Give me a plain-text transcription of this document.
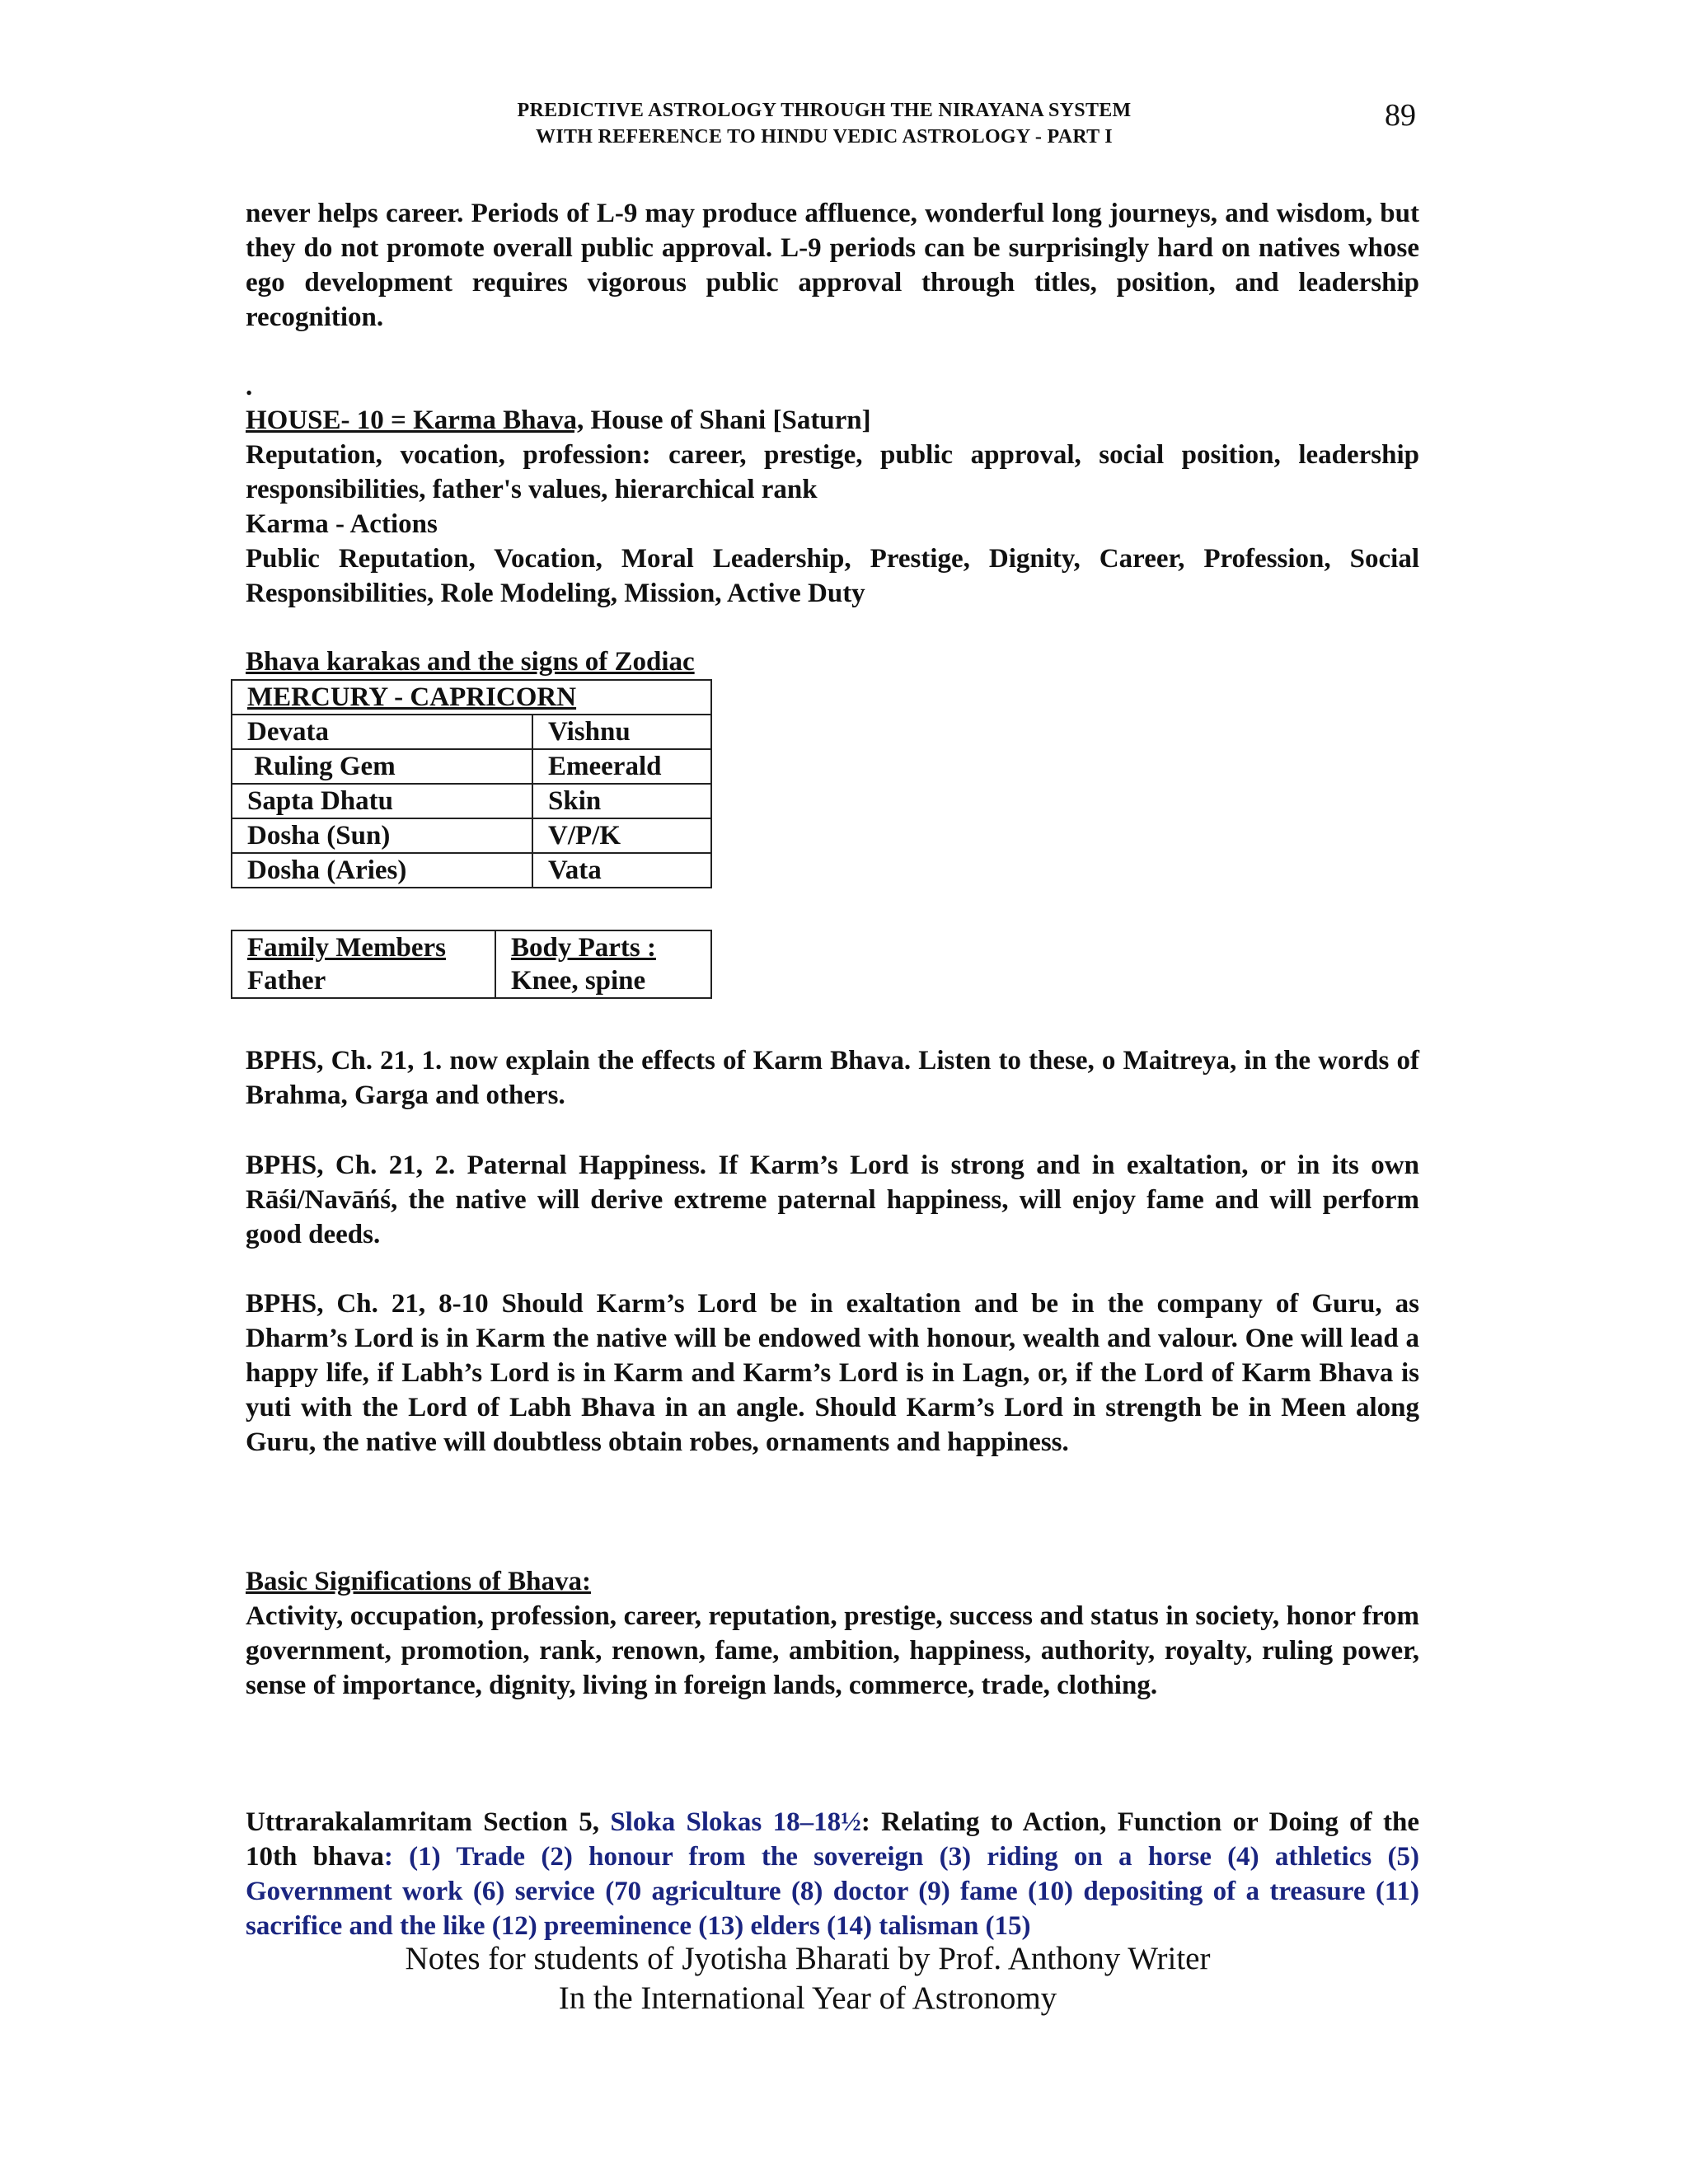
PREDICTIVE ASTROLOGY THROUGH THE NIRAYANA SYSTEM
WITH REFERENCE TO HINDU VEDIC ASTROLOGY - PART I
89
never helps career. Periods of L-9 may produce affluence, wonderful long journeys, and wisdom, but they do not promote overall public approval. L-9 periods can be surprisingly hard on natives whose ego development requires vigorous public approval through titles, position, and leadership recognition.
.
HOUSE- 10 = Karma Bhava, House of Shani [Saturn]
Reputation, vocation, profession: career, prestige, public approval, social position, leadership responsibilities, father's values, hierarchical rank
Karma - Actions
Public Reputation, Vocation, Moral Leadership, Prestige, Dignity, Career, Profession, Social Responsibilities, Role Modeling, Mission, Active Duty
Bhava karakas and the signs of Zodiac
MERCURY - CAPRICORN	
Devata	Vishnu
Ruling Gem	Emeerald
Sapta Dhatu	Skin
Dosha (Sun)	V/P/K
Dosha (Aries)	Vata
Family Members	Body Parts :
Father	Knee, spine
BPHS, Ch. 21, 1. now explain the effects of Karm Bhava. Listen to these, o Maitreya, in the words of Brahma, Garga and others.
BPHS, Ch. 21, 2. Paternal Happiness. If Karm’s Lord is strong and in exaltation, or in its own Rāśi/Navāńś, the native will derive extreme paternal happiness, will enjoy fame and will perform good deeds.
BPHS, Ch. 21, 8-10 Should Karm’s Lord be in exaltation and be in the company of Guru, as Dharm’s Lord is in Karm the native will be endowed with honour, wealth and valour. One will lead a happy life, if Labh’s Lord is in Karm and Karm’s Lord is in Lagn, or, if the Lord of Karm Bhava is yuti with the Lord of Labh Bhava in an angle. Should Karm’s Lord in strength be in Meen along Guru, the native will doubtless obtain robes, ornaments and happiness.
Basic Significations of Bhava:
Activity, occupation, profession, career, reputation, prestige, success and status in society, honor from government, promotion, rank, renown, fame, ambition, happiness, authority, royalty, ruling power, sense of importance, dignity, living in foreign lands, commerce, trade, clothing.
Uttrarakalamritam Section 5, Sloka Slokas 18–18½: Relating to Action, Function or Doing of the 10th bhava: (1) Trade (2) honour from the sovereign (3) riding on a horse (4) athletics (5) Government work (6) service (70 agriculture (8) doctor (9) fame (10) depositing of a treasure (11) sacrifice and the like (12) preeminence (13) elders (14) talisman (15)
Notes for students of Jyotisha Bharati by Prof. Anthony Writer
In the International Year of Astronomy
